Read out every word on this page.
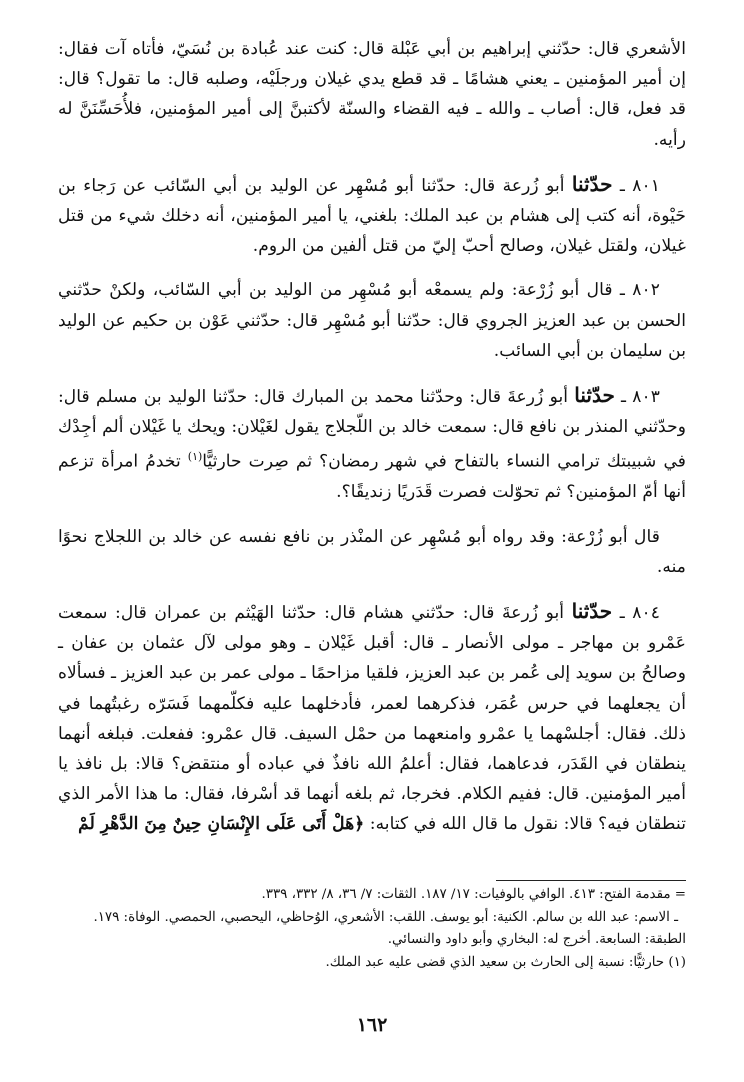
الأشعري قال: حدّثني إبراهيم بن أبي عَبْلة قال: كنت عند عُبادة بن نُسَيّ، فأتاه آت فقال: إن أمير المؤمنين ـ يعني هشامًا ـ قد قطع يدي غيلان ورجلَيْه، وصلبه قال: ما تقول؟ قال: قد فعل، قال: أصاب ـ والله ـ فيه القضاء والسنّة لأكتبنَّ إلى أمير المؤمنين، فلأُحَسِّنَنَّ له رأيه.

٨٠١ ـ حدّثنا أبو زُرعة قال: حدّثنا أبو مُسْهِر عن الوليد بن أبي السّائب عن رَجاء بن حَيْوة، أنه كتب إلى هشام بن عبد الملك: بلغني، يا أمير المؤمنين، أنه دخلك شيء من قتل غيلان، ولقتل غيلان، وصالح أحبّ إليّ من قتل ألفين من الروم.

٨٠٢ ـ قال أبو زُرْعة: ولم يسمعْه أبو مُسْهِر من الوليد بن أبي السّائب، ولكنْ حدّثني الحسن بن عبد العزيز الجروي قال: حدّثنا أبو مُسْهِر قال: حدّثني عَوْن بن حكيم عن الوليد بن سليمان بن أبي السائب.

٨٠٣ ـ حدّثنا أبو زُرعةَ قال: وحدّثنا محمد بن المبارك قال: حدّثنا الوليد بن مسلم قال: وحدّثني المنذر بن نافع قال: سمعت خالد بن اللّجلاج يقول لغَيْلان: ويحك يا غَيْلان ألم أجِدْك في شبيبتك ترامي النساء بالتفاح في شهر رمضان؟ ثم صِرت حارثيًّا$^{(١)}$ تخدمُ امرأة تزعم أنها أمّ المؤمنين؟ ثم تحوّلت فصرت قَدَريًا زنديقًا؟.

قال أبو زُرْعة: وقد رواه أبو مُسْهِر عن المنْذر بن نافع نفسه عن خالد بن اللجلاج نحوًا منه.

٨٠٤ ـ حدّثنا أبو زُرعةَ قال: حدّثني هشام قال: حدّثنا الهَيْثم بن عمران قال: سمعت عَمْرو بن مهاجر ـ مولى الأنصار ـ قال: أقبل غَيْلان ـ وهو مولى لآل عثمان بن عفان ـ وصالحُ بن سويد إلى عُمر بن عبد العزيز، فلقيا مزاحمًا ـ مولى عمر بن عبد العزيز ـ فسألاه أن يجعلهما في حرس عُمَر، فذكرهما لعمر، فأدخلهما عليه فكلّمهما فَسَرّه رغبتُهما في ذلك. فقال: أجلسْهما يا عمْرو وامنعهما من حمْل السيف. قال عمْرو: ففعلت. فبلغه أنهما ينطقان في القَدَر، فدعاهما، فقال: أعلمُ الله نافذٌ في عباده أو منتقض؟ قالا: بل نافذ يا أمير المؤمنين. قال: ففيم الكلام. فخرجا، ثم بلغه أنهما قد أسْرفا، فقال: ما هذا الأمر الذي تنطقان فيه؟ قالا: نقول ما قال الله في كتابه: ﴿هَلْ أَتَى عَلَى الإِنْسَانِ حِينٌ مِنَ الدَّهْرِ لَمْ

= مقدمة الفتح: ٤١٣. الوافي بالوفيات: ١٧/ ١٨٧. الثقات: ٧/ ٣٦، ٨/ ٣٣٢، ٣٣٩.

ـ الاسم: عبد الله بن سالم. الكنية: أبو يوسف. اللقب: الأشعري، الوُحاظي، اليحصبي، الحمصي. الوفاة: ١٧٩. الطبقة: السابعة. أخرج له: البخاري وأبو داود والنسائي.

(١) حارثيًّا: نسبة إلى الحارث بن سعيد الذي قضى عليه عبد الملك.

١٦٢
